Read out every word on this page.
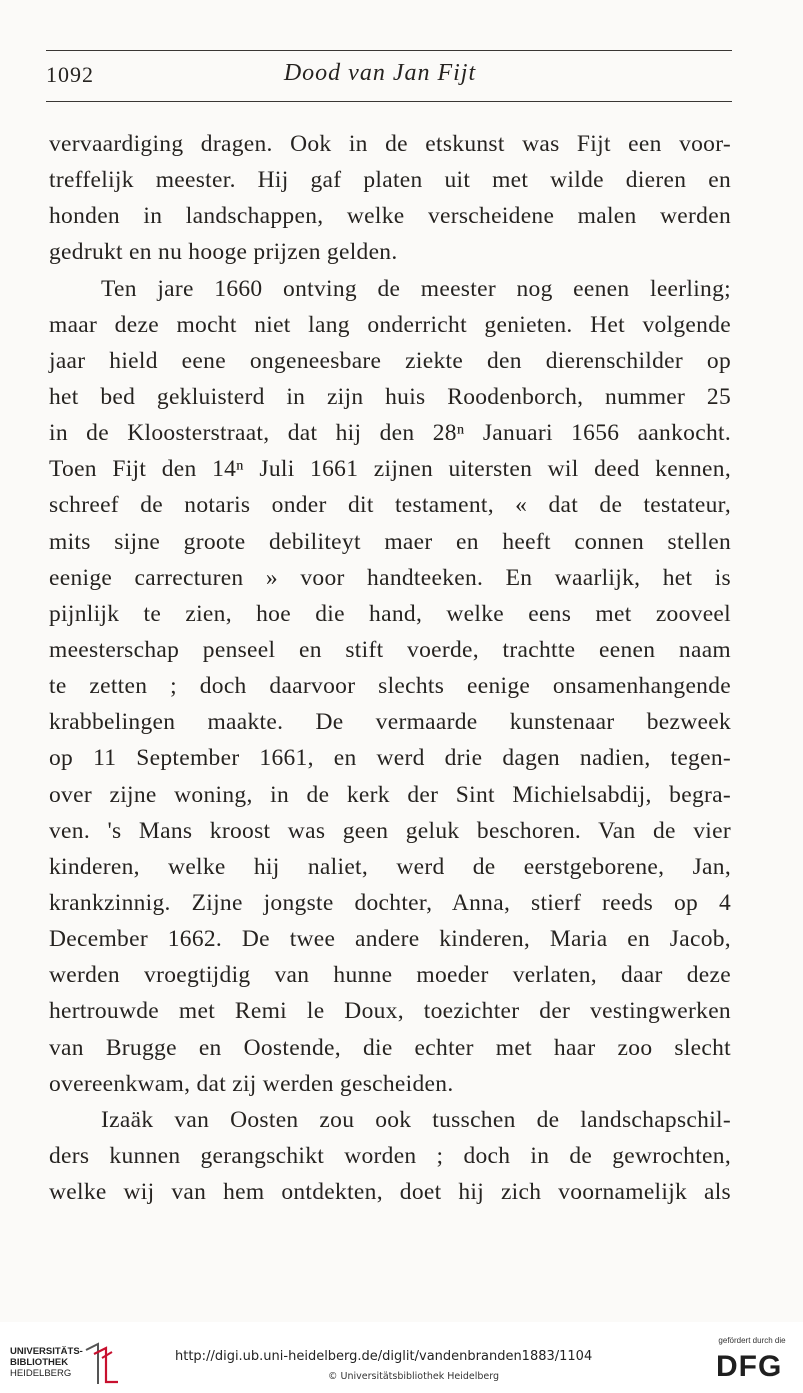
1092	Dood van Jan Fijt
vervaardiging dragen. Ook in de etskunst was Fijt een voor-
treffelijk meester. Hij gaf platen uit met wilde dieren en
honden in landschappen, welke verscheidene malen werden
gedrukt en nu hooge prijzen gelden.
Ten jare 1660 ontving de meester nog eenen leerling;
maar deze mocht niet lang onderricht genieten. Het volgende
jaar hield eene ongeneesbare ziekte den dierenschilder op
het bed gekluisterd in zijn huis Roodenborch, nummer 25
in de Kloosterstraat, dat hij den 28ⁿ Januari 1656 aankocht.
Toen Fijt den 14ⁿ Juli 1661 zijnen uitersten wil deed kennen,
schreef de notaris onder dit testament, « dat de testateur,
mits sijne groote debiliteyt maer en heeft connen stellen
eenige carrecturen » voor handteeken. En waarlijk, het is
pijnlijk te zien, hoe die hand, welke eens met zooveel
meesterschap penseel en stift voerde, trachtte eenen naam
te zetten ; doch daarvoor slechts eenige onsamenhangende
krabbelingen maakte. De vermaarde kunstenaar bezweek
op 11 September 1661, en werd drie dagen nadien, tegen-
over zijne woning, in de kerk der Sint Michielsabdij, begra-
ven. 's Mans kroost was geen geluk beschoren. Van de vier
kinderen, welke hij naliet, werd de eerstgeborene, Jan,
krankzinnig. Zijne jongste dochter, Anna, stierf reeds op 4
December 1662. De twee andere kinderen, Maria en Jacob,
werden vroegtijdig van hunne moeder verlaten, daar deze
hertrouwde met Remi le Doux, toezichter der vestingwerken
van Brugge en Oostende, die echter met haar zoo slecht
overeenkwam, dat zij werden gescheiden.
Izaäk van Oosten zou ook tusschen de landschapschil-
ders kunnen gerangschikt worden ; doch in de gewrochten,
welke wij van hem ontdekten, doet hij zich voornamelijk als
UNIVERSITÄTS-
BIBLIOTHEK
HEIDELBERG
http://digi.ub.uni-heidelberg.de/diglit/vandenbranden1883/1104
© Universitätsbibliothek Heidelberg
gefördert durch die
DFG
